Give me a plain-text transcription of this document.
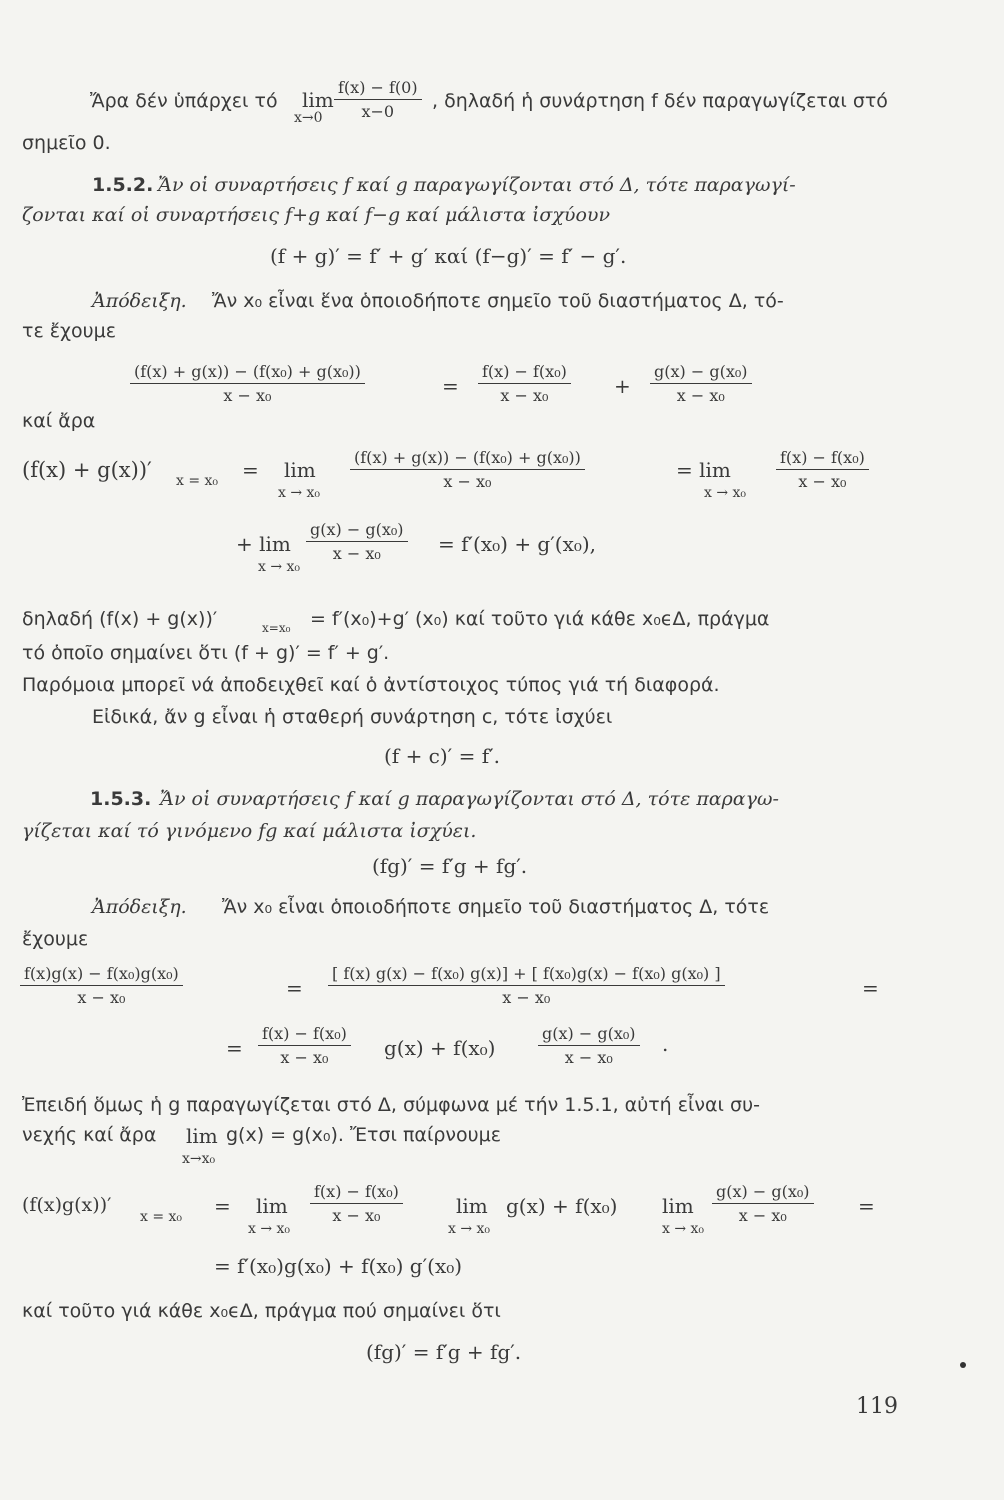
Ἄρα δέν ὑπάρχει τό lim
$x\to 0 \frac{f(x) - f(0)}{x-0}$ , δηλαδή ἡ συνάρτηση f δέν παραγωγίζεται στό
σημεῖο 0.
1.5.2. Ἄν οἱ συναρτήσεις f καί g παραγωγίζονται στό Δ, τότε παραγωγί-
ζονται καί οἱ συναρτήσεις f+g καί f−g καί μάλιστα ἰσχύουν
(f + g)′ = f′ + g′ καί (f−g)′ = f′ − g′.
Ἀπόδειξη. Ἄν x₀ εἶναι ἕνα ὁποιοδήποτε σημεῖο τοῦ διαστήματος Δ, τό-
τε ἔχουμε
$\frac{\text{(f(x) + g(x)) − (f(x₀) + g(x₀))}}{\text{x − x₀}}$	= $\frac{\text{f(x) − f(x₀)}}{\text{x − x₀}} + \frac{\text{g(x) − g(x₀)}}{\text{x − x₀}}$
καί ἄρα
(f(x) + g(x))′ x = x₀ = lim
x → x₀
$\frac{\text{(f(x) + g(x)) − (f(x₀) + g(x₀))}}{\text{x − x₀}}$	= lim
x → x₀
$\frac{\text{f(x) − f(x₀)}}{\text{x − x₀}}$
+ lim
x → x₀
$\frac{\text{g(x) − g(x₀)}}{\text{x − x₀}} = f'(x_0) + g'(x_0)$,
δηλαδή (f(x) + g(x))′	x=x₀ = f′(x₀)+g′ (x₀) καί τοῦτο γιά κάθε x₀ϵΔ, πράγμα
τό ὁποῖο σημαίνει ὅτι (f + g)′ = f′ + g′.
Παρόμοια μπορεῖ νά ἀποδειχθεῖ καί ὁ ἀντίστοιχος τύπος γιά τή διαφορά.
Εἰδικά, ἄν g εἶναι ἡ σταθερή συνάρτηση c, τότε ἰσχύει
(f + c)′ = f′.
1.5.3. Ἄν οἱ συναρτήσεις f καί g παραγωγίζονται στό Δ, τότε παραγω-
γίζεται καί τό γινόμενο fg καί μάλιστα ἰσχύει.
(fg)′ = f′g + fg′.
Ἀπόδειξη. Ἄν x₀ εἶναι ὁποιοδήποτε σημεῖο τοῦ διαστήματος Δ, τότε
ἔχουμε
$\frac{\text{f(x)g(x) − f(x₀)g(x₀)}}{\text{x − x₀}}$	= $\frac{\text{[ f(x) g(x) − f(x₀) g(x)] + [ f(x₀)g(x) − f(x₀) g(x₀) ]}}{\text{x − x₀}}$	=
= $\frac{\text{f(x) − f(x₀)}}{\text{x − x₀}} g(x) + f(x_0)$	$\frac{\text{g(x) − g(x₀)}}{\text{x − x₀}}$ .
Ἐπειδή ὅμως ἡ g παραγωγίζεται στό Δ, σύμφωνα μέ τήν 1.5.1, αὐτή εἶναι συ-
νεχής καί ἄρα lim g(x) = g(x₀). Ἔτσι παίρνουμε
x→x₀
(f(x)g(x))′
x = x₀ = lim
x → x₀
$\frac{\text{f(x) − f(x₀)}}{\text{x − x₀}}$	lim
x → x₀
g(x) + f(x₀) lim
x → x₀
$\frac{\text{g(x) − g(x₀)}}{\text{x − x₀}}$ =
= f′(x₀)g(x₀) + f(x₀) g′(x₀)
καί τοῦτο γιά κάθε x₀ϵΔ, πράγμα πού σημαίνει ὅτι
(fg)′ = f′g + fg′.
119
